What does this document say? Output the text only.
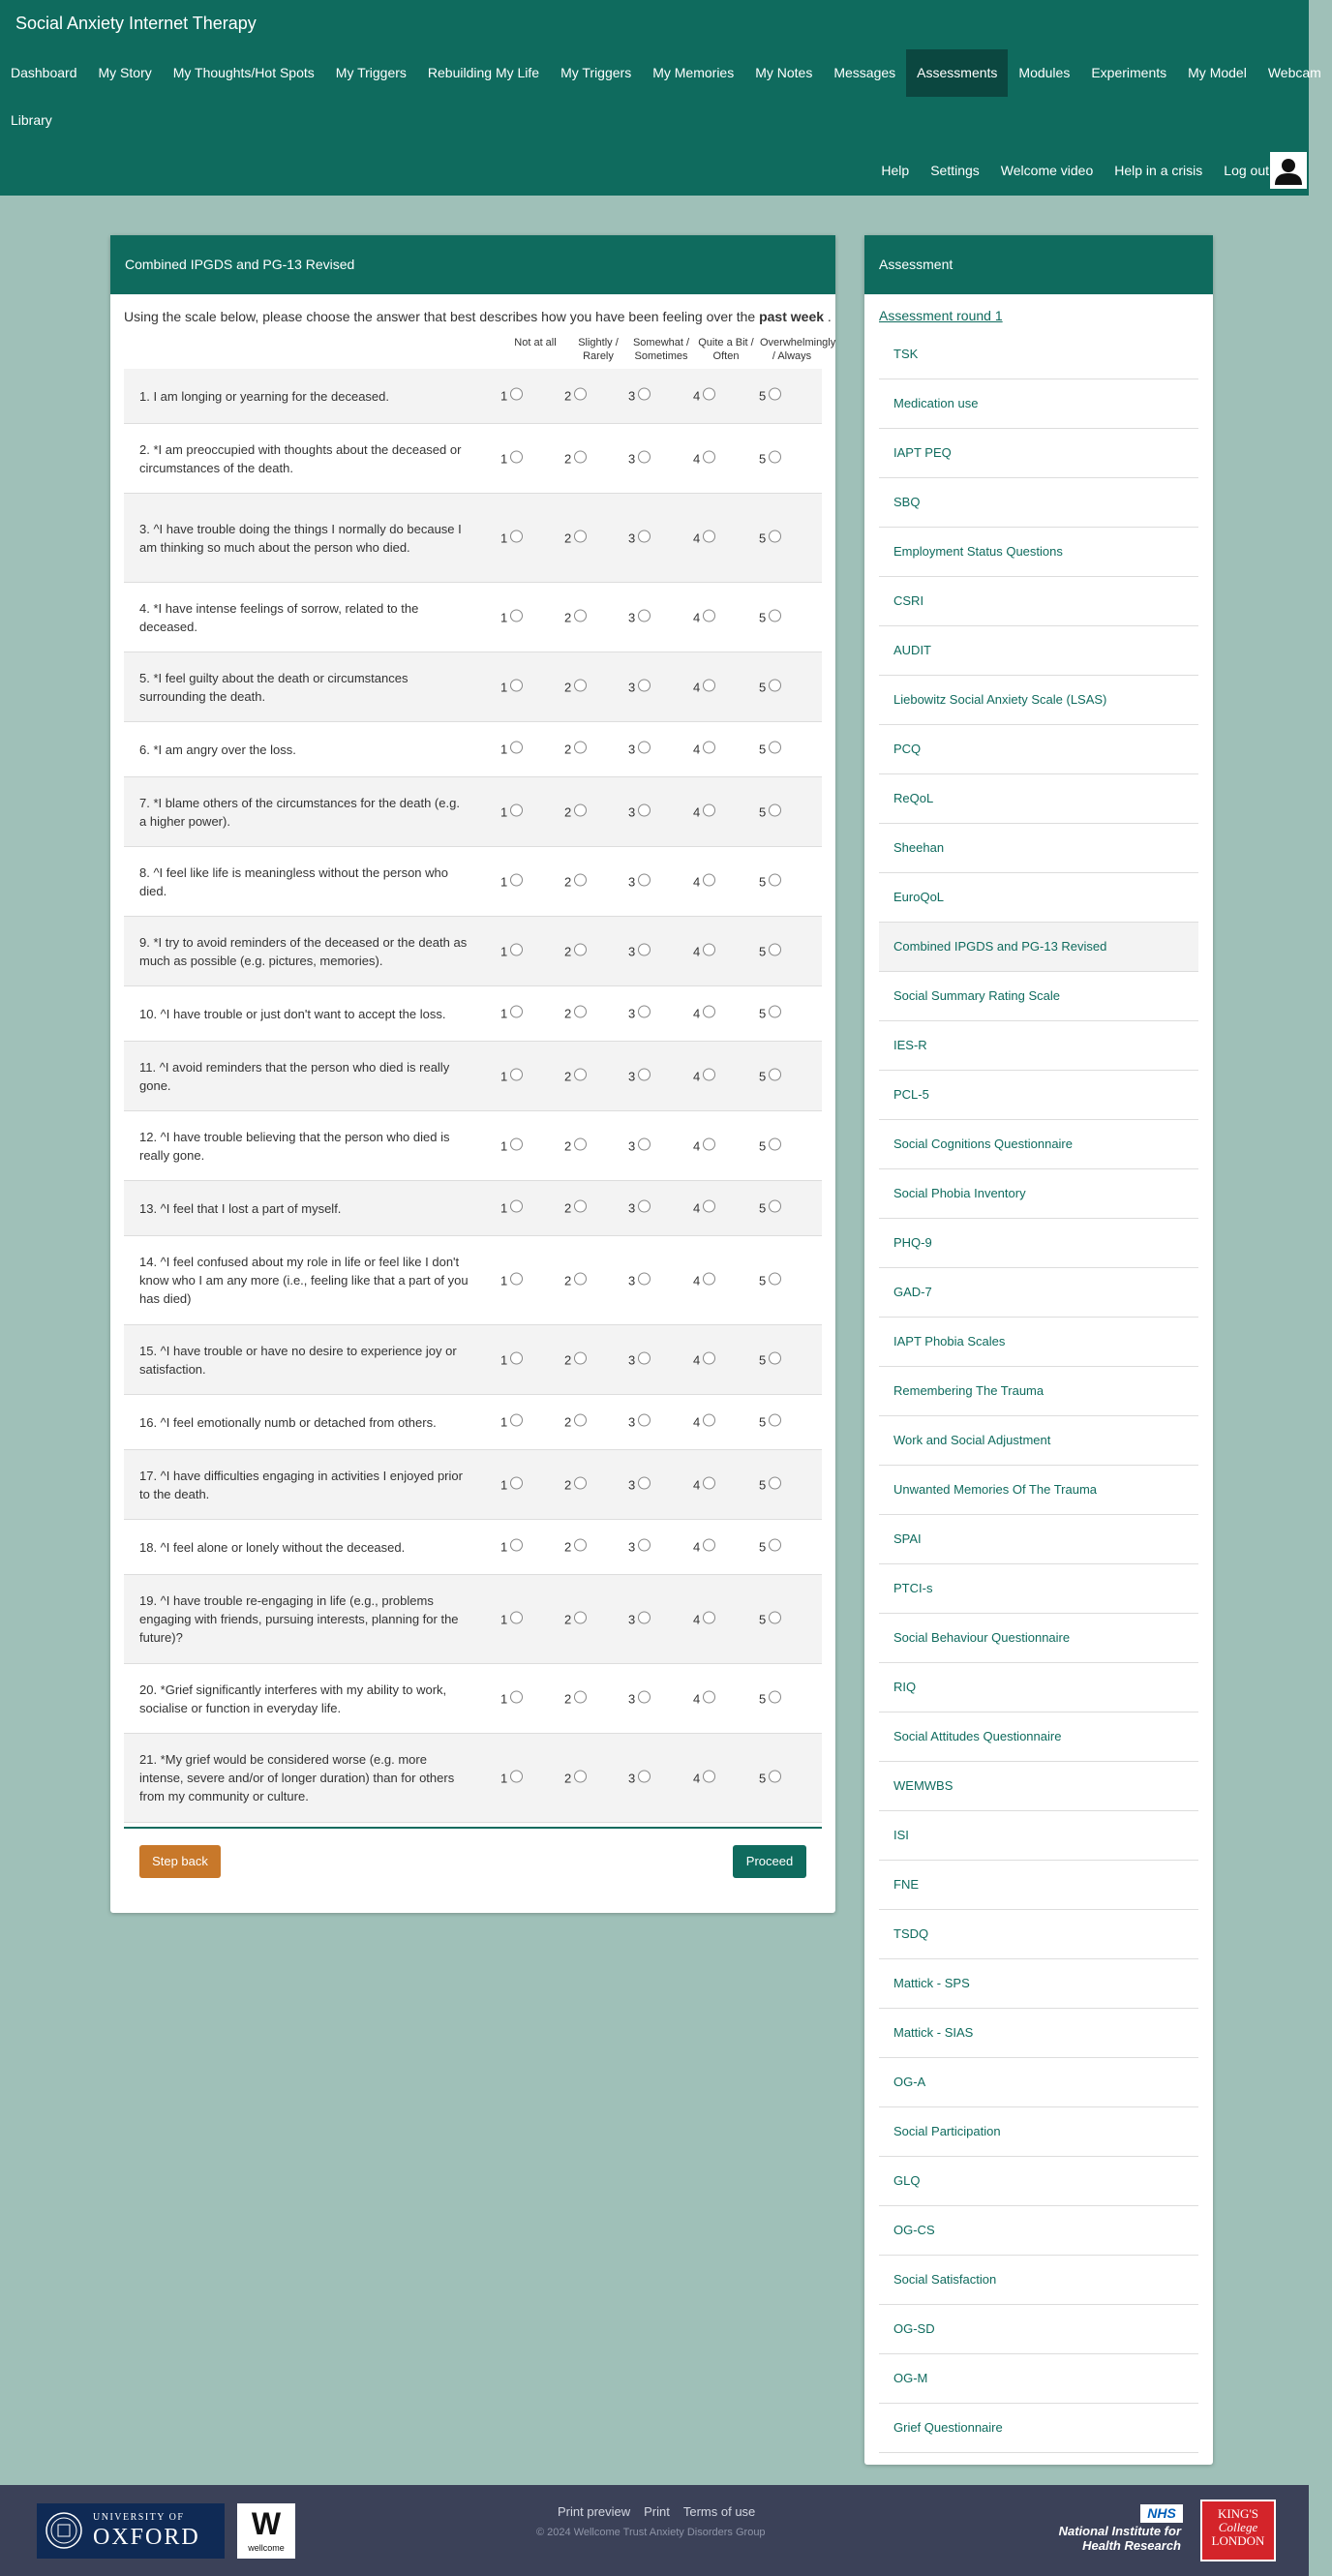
Social Anxiety Internet Therapy
Dashboard	My Story	My Thoughts/Hot Spots	My Triggers	Rebuilding My Life	My Triggers	My Memories	My Notes	Messages	Assessments	Modules	Experiments	My Model	Webcam
Library
Help	Settings	Welcome video	Help in a crisis	Log out
Combined IPGDS and PG-13 Revised
Using the scale below, please choose the answer that best describes how you have been feeling over the past week .
Not at all	Slightly /
Rarely
Somewhat /
Sometimes
Quite a Bit /
Often
Overwhelmingly
/ Always
1. I am longing or yearning for the deceased.	1	2	3	4	5
2. *I am preoccupied with thoughts about the deceased or circumstances of the death.
1	2	3	4	5
3. ^I have trouble doing the things I normally do because I am thinking so much about the person who died.
1	2	3	4	5
4. *I have intense feelings of sorrow, related to the deceased.
1	2	3	4	5
5. *I feel guilty about the death or circumstances surrounding the death.
1	2	3	4	5
6. *I am angry over the loss.	1	2	3	4	5
7. *I blame others of the circumstances for the death (e.g. a higher power).
1	2	3	4	5
8. ^I feel like life is meaningless without the person who died.
1	2	3	4	5
9. *I try to avoid reminders of the deceased or the death as much as possible (e.g. pictures, memories).
1	2	3	4	5
10. ^I have trouble or just don't want to accept the loss.	1	2	3	4	5
11. ^I avoid reminders that the person who died is really gone.
1	2	3	4	5
12. ^I have trouble believing that the person who died is really gone.
1	2	3	4	5
13. ^I feel that I lost a part of myself.	1	2	3	4	5
14. ^I feel confused about my role in life or feel like I don't know who I am any more (i.e., feeling like that a part of you has died)
1	2	3	4	5
15. ^I have trouble or have no desire to experience joy or satisfaction.
1	2	3	4	5
16. ^I feel emotionally numb or detached from others.	1	2	3	4	5
17. ^I have difficulties engaging in activities I enjoyed prior to the death.
1	2	3	4	5
18. ^I feel alone or lonely without the deceased.	1	2	3	4	5
19. ^I have trouble re-engaging in life (e.g., problems engaging with friends, pursuing interests, planning for the future)?
1	2	3	4	5
20. *Grief significantly interferes with my ability to work, socialise or function in everyday life.
1	2	3	4	5
21. *My grief would be considered worse (e.g. more intense, severe and/or of longer duration) than for others from my community or culture.
1	2	3	4	5
Step back	Proceed
Assessment
Assessment round 1
TSK
Medication use
IAPT PEQ
SBQ
Employment Status Questions
CSRI
AUDIT
Liebowitz Social Anxiety Scale (LSAS)
PCQ
ReQoL
Sheehan
EuroQoL
Combined IPGDS and PG-13 Revised
Social Summary Rating Scale
IES-R
PCL-5
Social Cognitions Questionnaire
Social Phobia Inventory
PHQ-9
GAD-7
IAPT Phobia Scales
Remembering The Trauma
Work and Social Adjustment
Unwanted Memories Of The Trauma
SPAI
PTCI-s
Social Behaviour Questionnaire
RIQ
Social Attitudes Questionnaire
WEMWBS
ISI
FNE
TSDQ
Mattick - SPS
Mattick - SIAS
OG-A
Social Participation
GLQ
OG-CS
Social Satisfaction
OG-SD
OG-M
Grief Questionnaire
UNIVERSITY OF
OXFORD	W
wellcome
Print preview Print Terms of use
© 2024 Wellcome Trust Anxiety Disorders Group
NHS
National Institute for
Health Research
KING'S
College
LONDON
